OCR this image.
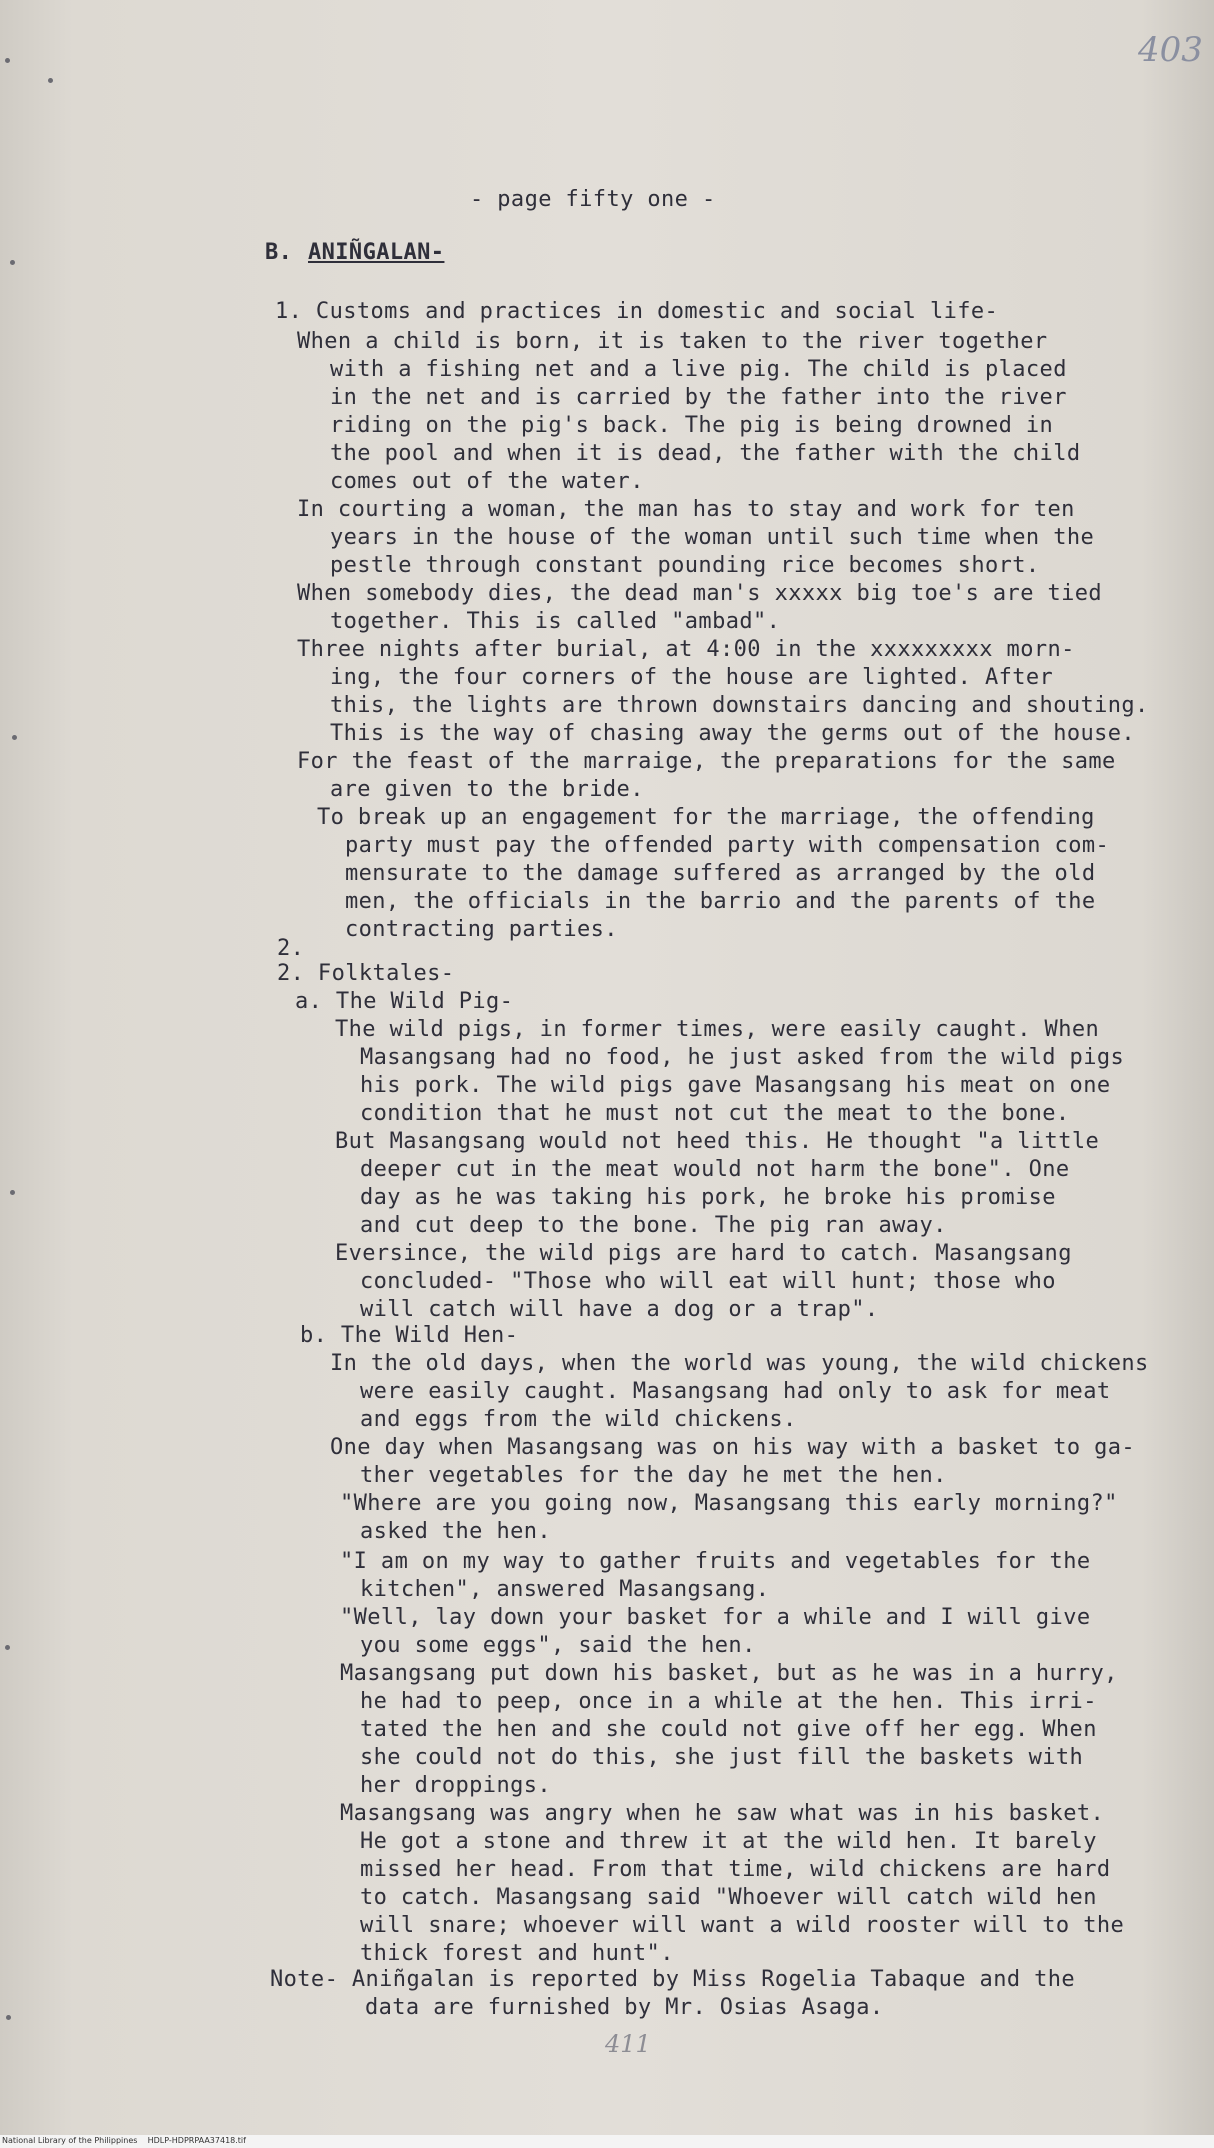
403
- page fifty one -
B. ANIÑGALAN-
1. Customs and practices in domestic and social life-
When a child is born, it is taken to the river together
with a fishing net and a live pig. The child is placed
in the net and is carried by the father into the river
riding on the pig's back. The pig is being drowned in
the pool and when it is dead, the father with the child
comes out of the water.
In courting a woman, the man has to stay and work for ten
years in the house of the woman until such time when the
pestle through constant pounding rice becomes short.
When somebody dies, the dead man's xxxxx big toe's are tied
together. This is called "ambad".
Three nights after burial, at 4:00 in the xxxxxxxxx morn-
ing, the four corners of the house are lighted. After
this, the lights are thrown downstairs dancing and shouting.
This is the way of chasing away the germs out of the house.
For the feast of the marraige, the preparations for the same
are given to the bride.
To break up an engagement for the marriage, the offending
party must pay the offended party with compensation com-
mensurate to the damage suffered as arranged by the old
men, the officials in the barrio and the parents of the
contracting parties.
2.
2. Folktales-
a. The Wild Pig-
The wild pigs, in former times, were easily caught. When
Masangsang had no food, he just asked from the wild pigs
his pork. The wild pigs gave Masangsang his meat on one
condition that he must not cut the meat to the bone.
But Masangsang would not heed this. He thought "a little
deeper cut in the meat would not harm the bone". One
day as he was taking his pork, he broke his promise
and cut deep to the bone. The pig ran away.
Eversince, the wild pigs are hard to catch. Masangsang
concluded- "Those who will eat will hunt; those who
will catch will have a dog or a trap".
b. The Wild Hen-
In the old days, when the world was young, the wild chickens
were easily caught. Masangsang had only to ask for meat
and eggs from the wild chickens.
One day when Masangsang was on his way with a basket to ga-
ther vegetables for the day he met the hen.
"Where are you going now, Masangsang this early morning?"
asked the hen.
"I am on my way to gather fruits and vegetables for the
kitchen", answered Masangsang.
"Well, lay down your basket for a while and I will give
you some eggs", said the hen.
Masangsang put down his basket, but as he was in a hurry,
he had to peep, once in a while at the hen. This irri-
tated the hen and she could not give off her egg. When
she could not do this, she just fill the baskets with
her droppings.
Masangsang was angry when he saw what was in his basket.
He got a stone and threw it at the wild hen. It barely
missed her head. From that time, wild chickens are hard
to catch. Masangsang said "Whoever will catch wild hen
will snare; whoever will want a wild rooster will to the
thick forest and hunt".
Note- Aniñgalan is reported by Miss Rogelia Tabaque and the
data are furnished by Mr. Osias Asaga.
411
National Library of the Philippines    HDLP-HDPRPAA37418.tif
